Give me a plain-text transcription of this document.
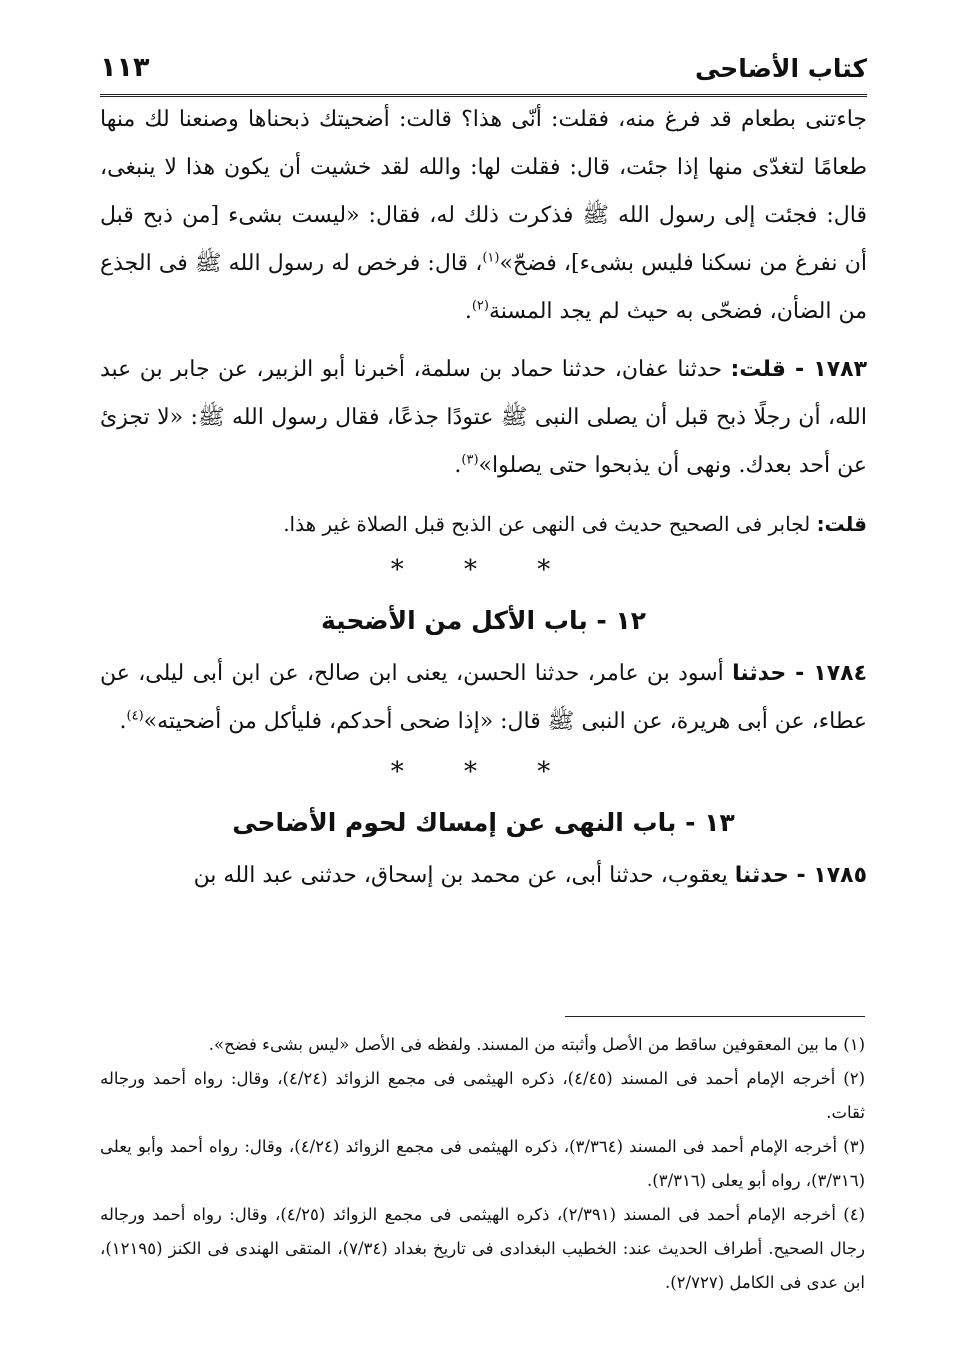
كتاب الأضاحى
١١٣

جاءتنى بطعام قد فرغ منه، فقلت: أنّى هذا؟ قالت: أضحيتك ذبحناها وصنعنا لك منها طعامًا لتغدّى منها إذا جئت، قال: فقلت لها: والله لقد خشيت أن يكون هذا لا ينبغى، قال: فجئت إلى رسول الله ﷺ فذكرت ذلك له، فقال: «ليست بشىء [من ذبح قبل أن نفرغ من نسكنا فليس بشىء]، فضحّ»$^{(١)}$، قال: فرخص له رسول الله ﷺ فى الجذع من الضأن، فضحّى به حيث لم يجد المسنة$^{(٢)}$.

١٧٨٣ - قلت: حدثنا عفان، حدثنا حماد بن سلمة، أخبرنا أبو الزبير، عن جابر بن عبد الله، أن رجلًا ذبح قبل أن يصلى النبى ﷺ عتودًا جذعًا، فقال رسول الله ﷺ: «لا تجزئ عن أحد بعدك. ونهى أن يذبحوا حتى يصلوا»$^{(٣)}$.

قلت: لجابر فى الصحيح حديث فى النهى عن الذبح قبل الصلاة غير هذا.

* * *
١٢ - باب الأكل من الأضحية

١٧٨٤ - حدثنا أسود بن عامر، حدثنا الحسن، يعنى ابن صالح، عن ابن أبى ليلى، عن عطاء، عن أبى هريرة، عن النبى ﷺ قال: «إذا ضحى أحدكم، فليأكل من أضحيته»$^{(٤)}$.

* * *
١٣ - باب النهى عن إمساك لحوم الأضاحى

١٧٨٥ - حدثنا يعقوب، حدثنا أبى، عن محمد بن إسحاق، حدثنى عبد الله بن

(١) ما بين المعقوفين ساقط من الأصل وأثبته من المسند. ولفظه فى الأصل «ليس بشىء فضح».

(٢) أخرجه الإمام أحمد فى المسند (٤/٤٥)، ذكره الهيثمى فى مجمع الزوائد (٤/٢٤)، وقال: رواه أحمد ورجاله ثقات.

(٣) أخرجه الإمام أحمد فى المسند (٣/٣٦٤)، ذكره الهيثمى فى مجمع الزوائد (٤/٢٤)، وقال: رواه أحمد وأبو يعلى (٣/٣١٦)، رواه أبو يعلى (٣/٣١٦).

(٤) أخرجه الإمام أحمد فى المسند (٢/٣٩١)، ذكره الهيثمى فى مجمع الزوائد (٤/٢٥)، وقال: رواه أحمد ورجاله رجال الصحيح. أطراف الحديث عند: الخطيب البغدادى فى تاريخ بغداد (٧/٣٤)، المتقى الهندى فى الكنز (١٢١٩٥)، ابن عدى فى الكامل (٢/٧٢٧).
